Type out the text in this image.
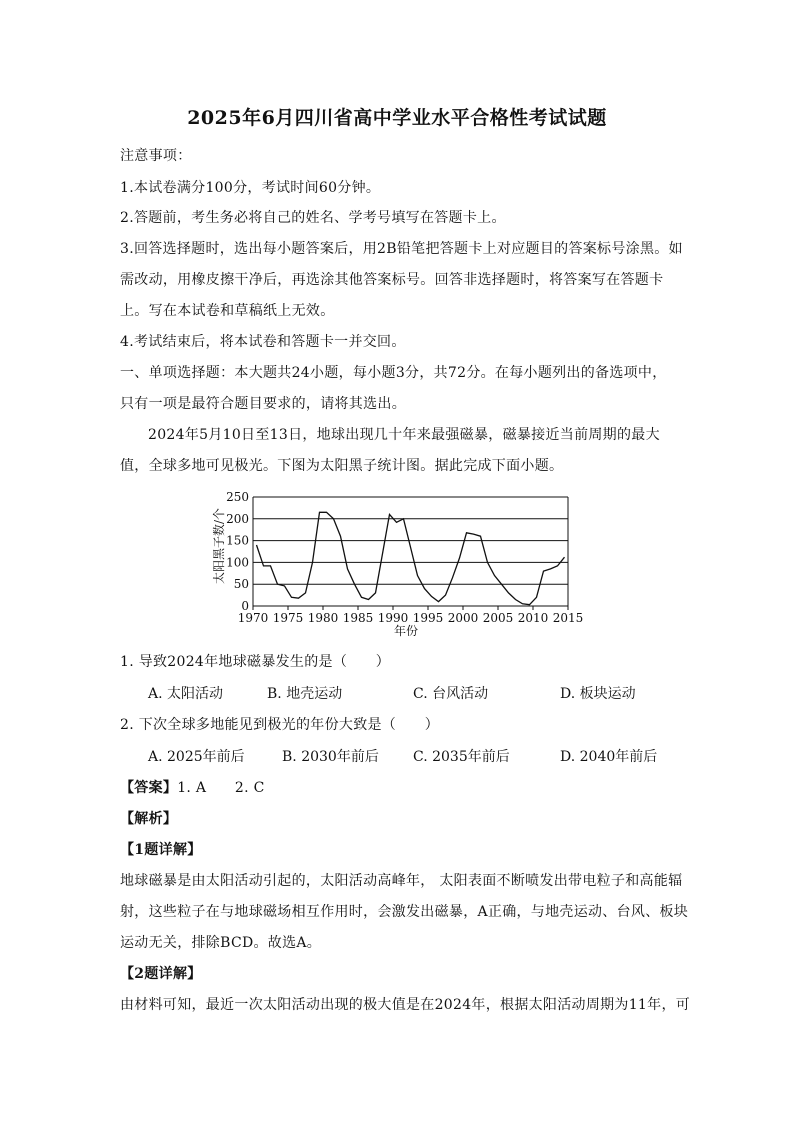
2025年6月四川省高中学业水平合格性考试试题
注意事项：
1.本试卷满分100分，考试时间60分钟。
2.答题前，考生务必将自己的姓名、学考号填写在答题卡上。
3.回答选择题时，选出每小题答案后，用2B铅笔把答题卡上对应题目的答案标号涂黑。如
需改动，用橡皮擦干净后，再选涂其他答案标号。回答非选择题时，将答案写在答题卡
上。写在本试卷和草稿纸上无效。
4.考试结束后，将本试卷和答题卡一并交回。
一、单项选择题：本大题共24小题，每小题3分，共72分。在每小题列出的备选项中，
只有一项是最符合题目要求的，请将其选出。
2024年5月10日至13日，地球出现几十年来最强磁暴，磁暴接近当前周期的最大
值，全球多地可见极光。下图为太阳黑子统计图。据此完成下面小题。
0
50
100
150
200
250
1970 1975 1980 1985 1990 1995 2000 2005 2010 2015
太阳黑子数/个
年份
1. 导致2024年地球磁暴发生的是（　　）
A. 太阳活动	B. 地壳运动	C. 台风活动	D. 板块运动
2. 下次全球多地能见到极光的年份大致是（　　）
A. 2025年前后	B. 2030年前后 C. 2035年前后	D. 2040年前后
【答案】1. A　　2. C
【解析】
【1题详解】
地球磁暴是由太阳活动引起的，太阳活动高峰年， 太阳表面不断喷发出带电粒子和高能辐
射，这些粒子在与地球磁场相互作用时，会激发出磁暴，A正确，与地壳运动、台风、板块
运动无关，排除BCD。故选A。
【2题详解】
由材料可知，最近一次太阳活动出现的极大值是在2024年，根据太阳活动周期为11年，可
